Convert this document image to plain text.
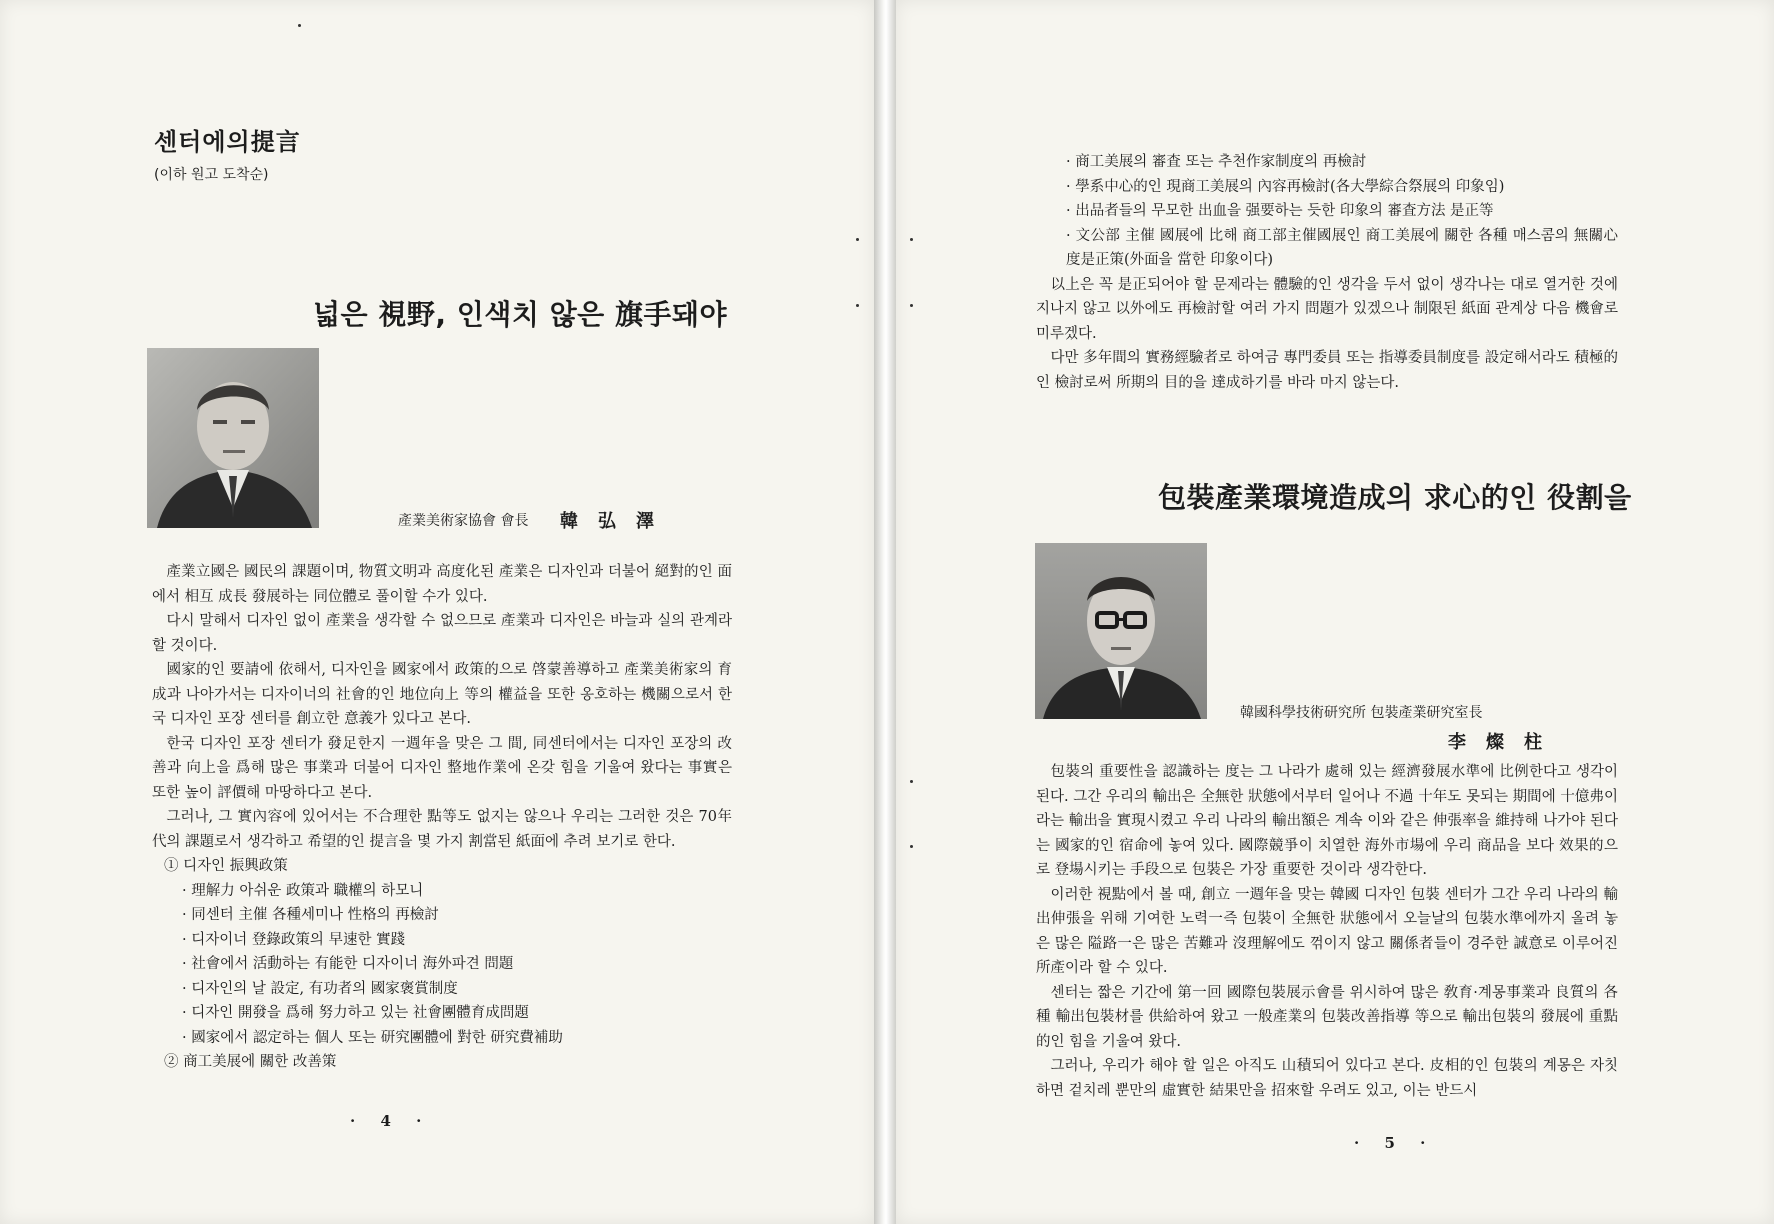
센터에의提言
(이하 원고 도착순)
넓은 視野, 인색치 않은 旗手돼야
產業美術家協會 會長 韓弘澤

產業立國은 國民의 課題이며, 物質文明과 高度化된 產業은 디자인과 더불어 絕對的인 面에서 相互 成長 發展하는 同位體로 풀이할 수가 있다.

다시 말해서 디자인 없이 產業을 생각할 수 없으므로 產業과 디자인은 바늘과 실의 관계라 할 것이다.

國家的인 要請에 依해서, 디자인을 國家에서 政策的으로 啓蒙善導하고 產業美術家의 育成과 나아가서는 디자이너의 社會的인 地位向上 等의 權益을 또한 옹호하는 機關으로서 한국 디자인 포장 센터를 創立한 意義가 있다고 본다.

한국 디자인 포장 센터가 發足한지 一週年을 맞은 그 間, 同센터에서는 디자인 포장의 改善과 向上을 爲해 많은 事業과 더불어 디자인 整地作業에 온갖 힘을 기울여 왔다는 事實은 또한 높이 評價해 마땅하다고 본다.

그러나, 그 實內容에 있어서는 不合理한 點等도 없지는 않으나 우리는 그러한 것은 70年代의 課題로서 생각하고 希望的인 提言을 몇 가지 割當된 紙面에 추려 보기로 한다.

① 디자인 振興政策
· 理解力 아쉬운 政策과 職權의 하모니
· 同센터 主催 各種세미나 性格의 再檢討
· 디자이너 登錄政策의 早速한 實踐
· 社會에서 活動하는 有能한 디자이너 海外파견 問題
· 디자인의 날 設定, 有功者의 國家褒賞制度
· 디자인 開發을 爲해 努力하고 있는 社會團體育成問題
· 國家에서 認定하는 個人 또는 研究團體에 對한 研究費補助
② 商工美展에 關한 改善策
· 4 ·
· 商工美展의 審査 또는 추천作家制度의 再檢討
· 學系中心的인 現商工美展의 內容再檢討(各大學綜合祭展의 印象임)
· 出品者들의 무모한 出血을 强要하는 듯한 印象의 審査方法 是正等
· 文公部 主催 國展에 比해 商工部主催國展인 商工美展에 關한 各種 매스콤의 無關心度是正策(外面을 當한 印象이다)

以上은 꼭 是正되어야 할 문제라는 體驗的인 생각을 두서 없이 생각나는 대로 열거한 것에 지나지 않고 以外에도 再檢討할 여러 가지 問題가 있겠으나 制限된 紙面 관계상 다음 機會로 미루겠다.

다만 多年間의 實務經驗者로 하여금 專門委員 또는 指導委員制度를 設定해서라도 積極的인 檢討로써 所期의 目的을 達成하기를 바라 마지 않는다.

包裝產業環境造成의 求心的인 役割을
韓國科學技術研究所 包裝產業研究室長
李燦柱

包裝의 重要性을 認識하는 度는 그 나라가 處해 있는 經濟發展水準에 比例한다고 생각이 된다. 그간 우리의 輸出은 全無한 狀態에서부터 일어나 不過 十年도 못되는 期間에 十億弗이라는 輸出을 實現시켰고 우리 나라의 輸出額은 계속 이와 같은 伸張率을 維持해 나가야 된다는 國家的인 宿命에 놓여 있다. 國際競爭이 치열한 海外市場에 우리 商品을 보다 效果的으로 登場시키는 手段으로 包裝은 가장 重要한 것이라 생각한다.

이러한 視點에서 볼 때, 創立 一週年을 맞는 韓國 디자인 包裝 센터가 그간 우리 나라의 輸出伸張을 위해 기여한 노력一즉 包裝이 全無한 狀態에서 오늘날의 包裝水準에까지 올려 놓은 많은 隘路一은 많은 苦難과 沒理解에도 꺾이지 않고 關係者들이 경주한 誠意로 이루어진 所產이라 할 수 있다.

센터는 짧은 기간에 第一回 國際包裝展示會를 위시하여 많은 敎育·계몽事業과 良質의 各種 輸出包裝材를 供給하여 왔고 一般產業의 包裝改善指導 等으로 輸出包裝의 發展에 重點的인 힘을 기울여 왔다.

그러나, 우리가 해야 할 일은 아직도 山積되어 있다고 본다. 皮相的인 包裝의 계몽은 자칫하면 겉치레 뿐만의 虛實한 結果만을 招來할 우려도 있고, 이는 반드시

· 5 ·
